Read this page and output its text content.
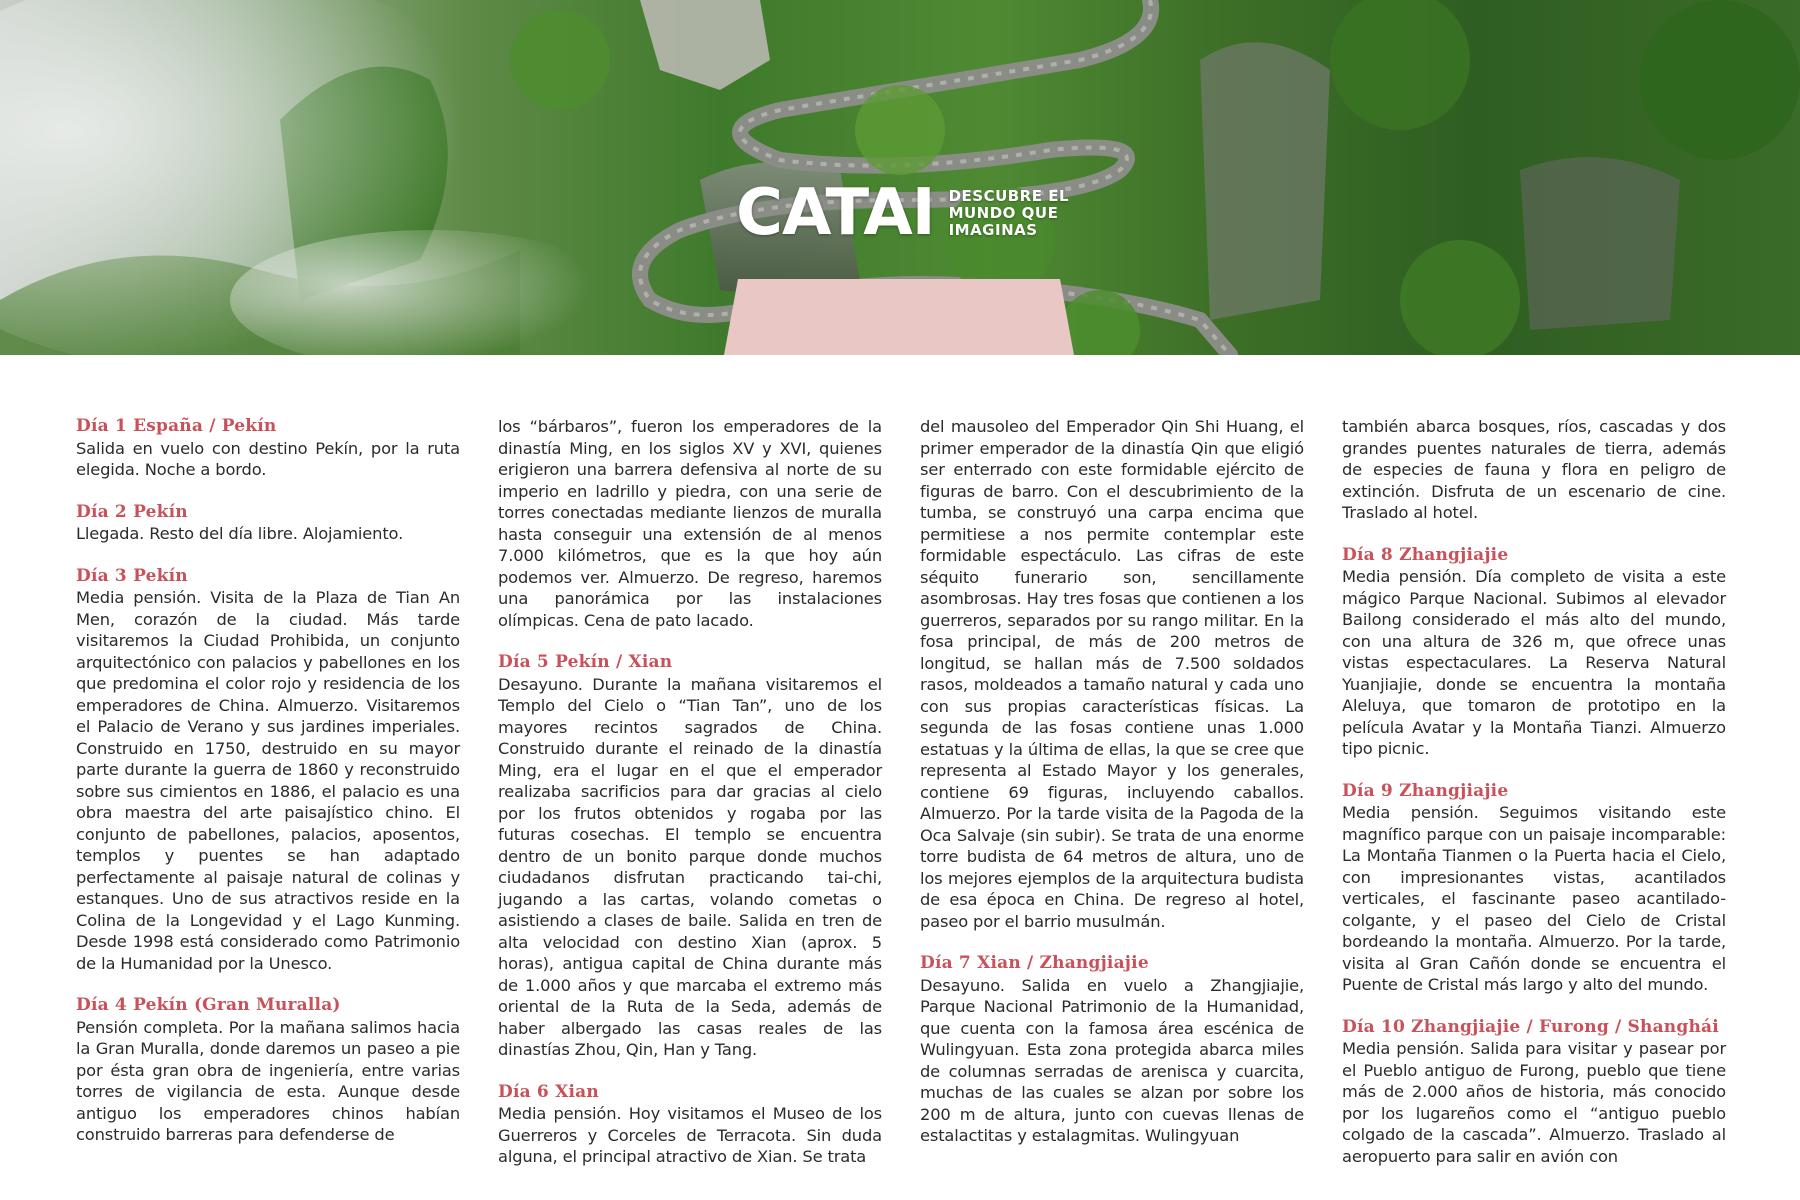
CATAI DESCUBRE EL
MUNDO QUE
IMAGINAS
Día 1 España / Pekín
Salida en vuelo con destino Pekín, por la ruta elegida. Noche a bordo.
Día 2 Pekín
Llegada. Resto del día libre. Alojamiento.
Día 3 Pekín
Media pensión. Visita de la Plaza de Tian An Men, corazón de la ciudad. Más tarde visitaremos la Ciudad Prohibida, un conjunto arquitectónico con palacios y pabellones en los que predomina el color rojo y residencia de los emperadores de China. Almuerzo. Visitaremos el Palacio de Verano y sus jardines imperiales. Construido en 1750, destruido en su mayor parte durante la guerra de 1860 y reconstruido sobre sus cimientos en 1886, el palacio es una obra maestra del arte paisajístico chino. El conjunto de pabellones, palacios, aposentos, templos y puentes se han adaptado perfectamente al paisaje natural de colinas y estanques. Uno de sus atractivos reside en la Colina de la Longevidad y el Lago Kunming. Desde 1998 está considerado como Patrimonio de la Humanidad por la Unesco.
Día 4 Pekín (Gran Muralla)
Pensión completa. Por la mañana salimos hacia la Gran Muralla, donde daremos un paseo a pie por ésta gran obra de ingeniería, entre varias torres de vigilancia de esta. Aunque desde antiguo los emperadores chinos habían construido barreras para defenderse de
los “bárbaros”, fueron los emperadores de la dinastía Ming, en los siglos XV y XVI, quienes erigieron una barrera defensiva al norte de su imperio en ladrillo y piedra, con una serie de torres conectadas mediante lienzos de muralla hasta conseguir una extensión de al menos 7.000 kilómetros, que es la que hoy aún podemos ver. Almuerzo. De regreso, haremos una panorámica por las instalaciones olímpicas. Cena de pato lacado.
Día 5 Pekín / Xian
Desayuno. Durante la mañana visitaremos el Templo del Cielo o “Tian Tan”, uno de los mayores recintos sagrados de China. Construido durante el reinado de la dinastía Ming, era el lugar en el que el emperador realizaba sacrificios para dar gracias al cielo por los frutos obtenidos y rogaba por las futuras cosechas. El templo se encuentra dentro de un bonito parque donde muchos ciudadanos disfrutan practicando tai-chi, jugando a las cartas, volando cometas o asistiendo a clases de baile. Salida en tren de alta velocidad con destino Xian (aprox. 5 horas), antigua capital de China durante más de 1.000 años y que marcaba el extremo más oriental de la Ruta de la Seda, además de haber albergado las casas reales de las dinastías Zhou, Qin, Han y Tang.
Día 6 Xian
Media pensión. Hoy visitamos el Museo de los Guerreros y Corceles de Terracota. Sin duda alguna, el principal atractivo de Xian. Se trata
del mausoleo del Emperador Qin Shi Huang, el primer emperador de la dinastía Qin que eligió ser enterrado con este formidable ejército de figuras de barro. Con el descubrimiento de la tumba, se construyó una carpa encima que permitiese a nos permite contemplar este formidable espectáculo. Las cifras de este séquito funerario son, sencillamente asombrosas. Hay tres fosas que contienen a los guerreros, separados por su rango militar. En la fosa principal, de más de 200 metros de longitud, se hallan más de 7.500 soldados rasos, moldeados a tamaño natural y cada uno con sus propias características físicas. La segunda de las fosas contiene unas 1.000 estatuas y la última de ellas, la que se cree que representa al Estado Mayor y los generales, contiene 69 figuras, incluyendo caballos. Almuerzo. Por la tarde visita de la Pagoda de la Oca Salvaje (sin subir). Se trata de una enorme torre budista de 64 metros de altura, uno de los mejores ejemplos de la arquitectura budista de esa época en China. De regreso al hotel, paseo por el barrio musulmán.
Día 7 Xian / Zhangjiajie
Desayuno. Salida en vuelo a Zhangjiajie, Parque Nacional Patrimonio de la Humanidad, que cuenta con la famosa área escénica de Wulingyuan. Esta zona protegida abarca miles de columnas serradas de arenisca y cuarcita, muchas de las cuales se alzan por sobre los 200 m de altura, junto con cuevas llenas de estalactitas y estalagmitas. Wulingyuan
también abarca bosques, ríos, cascadas y dos grandes puentes naturales de tierra, además de especies de fauna y flora en peligro de extinción. Disfruta de un escenario de cine. Traslado al hotel.
Día 8 Zhangjiajie
Media pensión. Día completo de visita a este mágico Parque Nacional. Subimos al elevador Bailong considerado el más alto del mundo, con una altura de 326 m, que ofrece unas vistas espectaculares. La Reserva Natural Yuanjiajie, donde se encuentra la montaña Aleluya, que tomaron de prototipo en la película Avatar y la Montaña Tianzi. Almuerzo tipo picnic.
Día 9 Zhangjiajie
Media pensión. Seguimos visitando este magnífico parque con un paisaje incomparable: La Montaña Tianmen o la Puerta hacia el Cielo, con impresionantes vistas, acantilados verticales, el fascinante paseo acantilado-colgante, y el paseo del Cielo de Cristal bordeando la montaña. Almuerzo. Por la tarde, visita al Gran Cañón donde se encuentra el Puente de Cristal más largo y alto del mundo.
Día 10 Zhangjiajie / Furong / Shanghái
Media pensión. Salida para visitar y pasear por el Pueblo antiguo de Furong, pueblo que tiene más de 2.000 años de historia, más conocido por los lugareños como el “antiguo pueblo colgado de la cascada”. Almuerzo. Traslado al aeropuerto para salir en avión con
